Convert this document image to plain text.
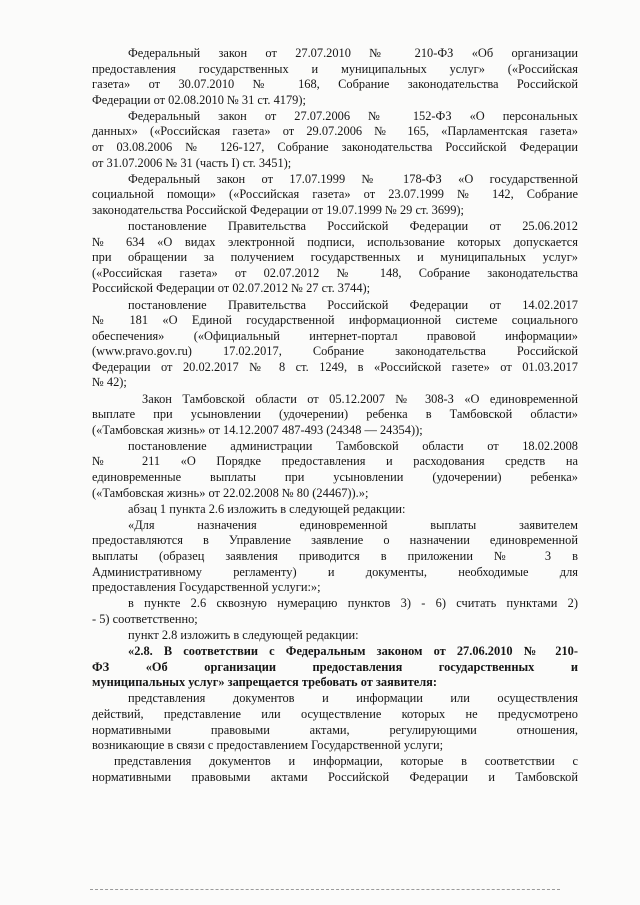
Федеральный закон от 27.07.2010 № 210-ФЗ «Об организации
предоставления государственных и муниципальных услуг» («Российская
газета» от 30.07.2010 № 168, Собрание законодательства Российской
Федерации от 02.08.2010 № 31 ст. 4179);
Федеральный закон от 27.07.2006 № 152-ФЗ «О персональных
данных» («Российская газета» от 29.07.2006 № 165, «Парламентская газета»
от 03.08.2006 № 126-127, Собрание законодательства Российской Федерации
от 31.07.2006 № 31 (часть I) ст. 3451);
Федеральный закон от 17.07.1999 № 178-ФЗ «О государственной
социальной помощи» («Российская газета» от 23.07.1999 № 142, Собрание
законодательства Российской Федерации от 19.07.1999 № 29 ст. 3699);
постановление Правительства Российской Федерации от 25.06.2012
№ 634 «О видах электронной подписи, использование которых допускается
при обращении за получением государственных и муниципальных услуг»
(«Российская газета» от 02.07.2012 № 148, Собрание законодательства
Российской Федерации от 02.07.2012 № 27 ст. 3744);
постановление Правительства Российской Федерации от 14.02.2017
№ 181 «О Единой государственной информационной системе социального
обеспечения» («Официальный интернет-портал правовой информации»
(www.pravo.gov.ru) 17.02.2017, Собрание законодательства Российской
Федерации от 20.02.2017 № 8 ст. 1249, в «Российской газете» от 01.03.2017
№ 42);
Закон Тамбовской области от 05.12.2007 № 308-З «О единовременной
выплате при усыновлении (удочерении) ребенка в Тамбовской области»
(«Тамбовская жизнь» от 14.12.2007 487-493 (24348 — 24354));
постановление администрации Тамбовской области от 18.02.2008
№ 211 «О Порядке предоставления и расходования средств на
единовременные выплаты при усыновлении (удочерении) ребенка»
(«Тамбовская жизнь» от 22.02.2008 № 80 (24467)).»;
абзац 1 пункта 2.6 изложить в следующей редакции:
«Для назначения единовременной выплаты заявителем
предоставляются в Управление заявление о назначении единовременной
выплаты (образец заявления приводится в приложении № 3 в
Административному регламенту) и документы, необходимые для
предоставления Государственной услуги:»;
в пункте 2.6 сквозную нумерацию пунктов 3) - 6) считать пунктами 2)
- 5) соответственно;
пункт 2.8 изложить в следующей редакции:
«2.8. В соответствии с Федеральным законом от 27.06.2010 № 210-
ФЗ «Об организации предоставления государственных и
муниципальных услуг» запрещается требовать от заявителя:
представления документов и информации или осуществления
действий, представление или осуществление которых не предусмотрено
нормативными правовыми актами, регулирующими отношения,
возникающие в связи с предоставлением Государственной услуги;
представления документов и информации, которые в соответствии с
нормативными правовыми актами Российской Федерации и Тамбовской
